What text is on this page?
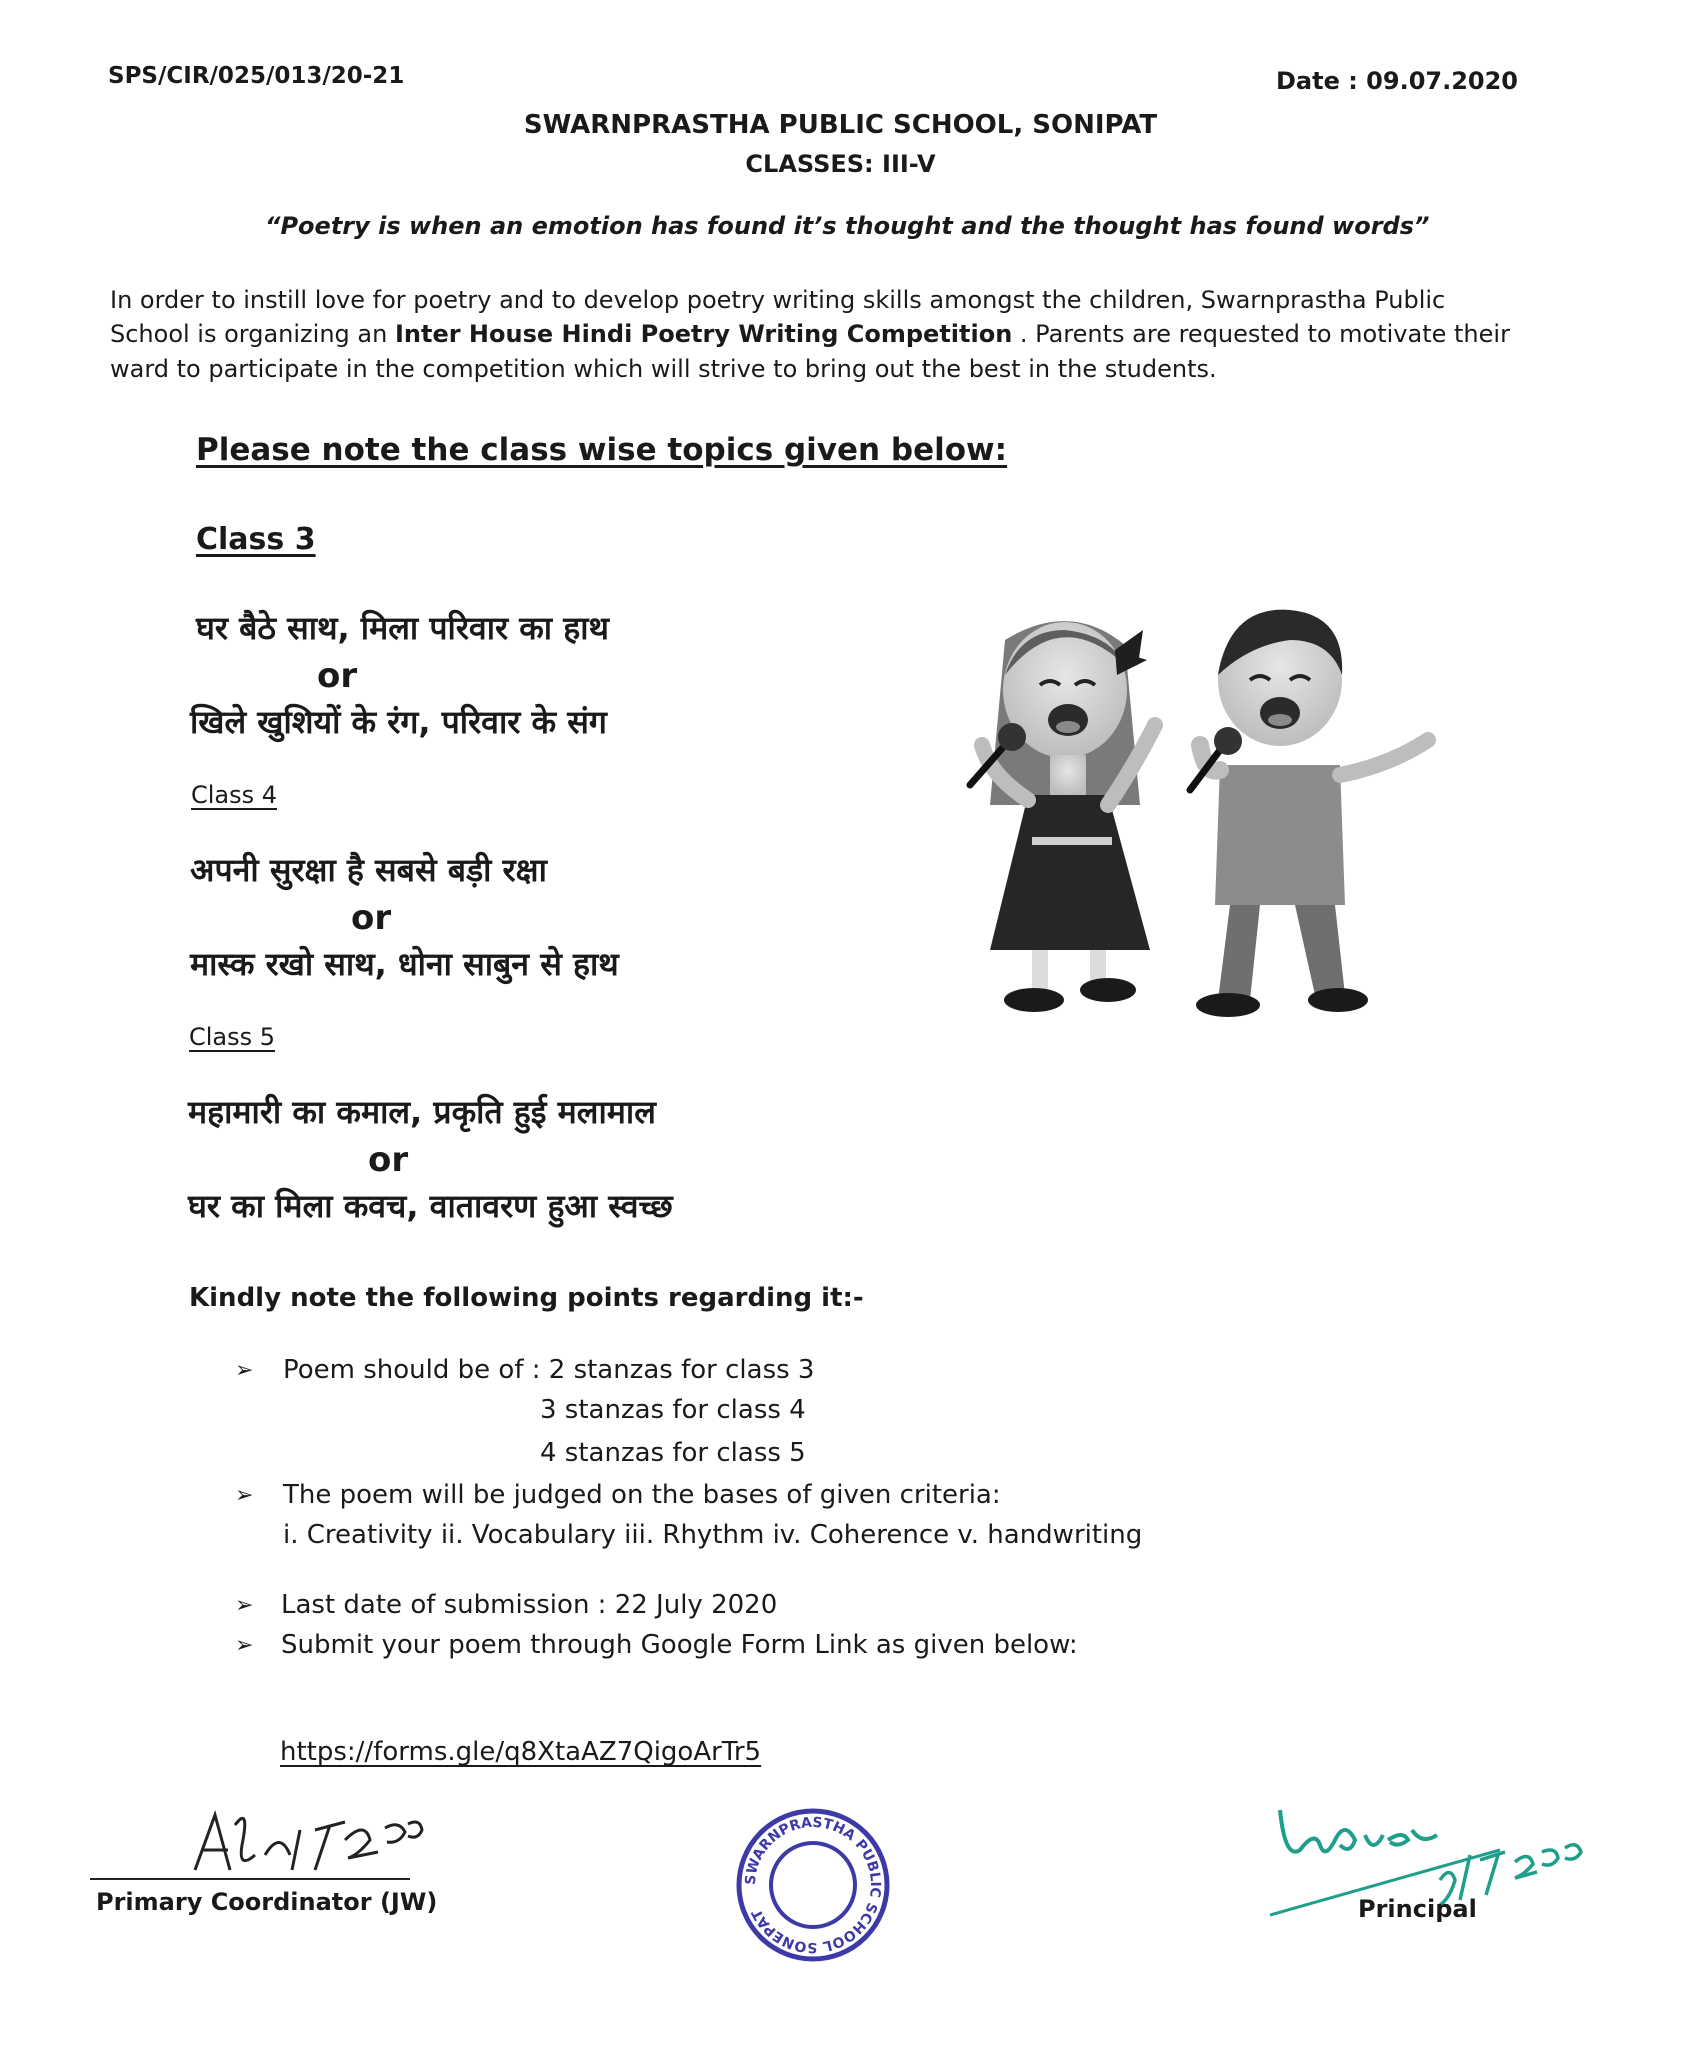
SPS/CIR/025/013/20-21	Date : 09.07.2020
SWARNPRASTHA PUBLIC SCHOOL, SONIPAT
CLASSES: III-V
“Poetry is when an emotion has found it’s thought and the thought has found words”
In order to instill love for poetry and to develop poetry writing skills amongst the children, Swarnprastha Public
School is organizing an Inter House Hindi Poetry Writing Competition . Parents are requested to motivate their
ward to participate in the competition which will strive to bring out the best in the students.
Please note the class wise topics given below:
Class 3
घर बैठे साथ, मिला परिवार का हाथ
or
खिले खुशियों के रंग, परिवार के संग
Class 4
अपनी सुरक्षा है सबसे बड़ी रक्षा
or
मास्क रखो साथ, धोना साबुन से हाथ
Class 5
महामारी का कमाल, प्रकृति हुई मलामाल
or
घर का मिला कवच, वातावरण हुआ स्वच्छ
Kindly note the following points regarding it:-
➢ Poem should be of : 2 stanzas for class 3
3 stanzas for class 4
4 stanzas for class 5
➢ The poem will be judged on the bases of given criteria:
i. Creativity ii. Vocabulary iii. Rhythm iv. Coherence v. handwriting
➢ Last date of submission : 22 July 2020
➢ Submit your poem through Google Form Link as given below:
https://forms.gle/q8XtaAZ7QigoArTr5
Primary Coordinator (JW)
SWARNPRASTHA PUBLIC SCHOOL SONEPAT	Principal
